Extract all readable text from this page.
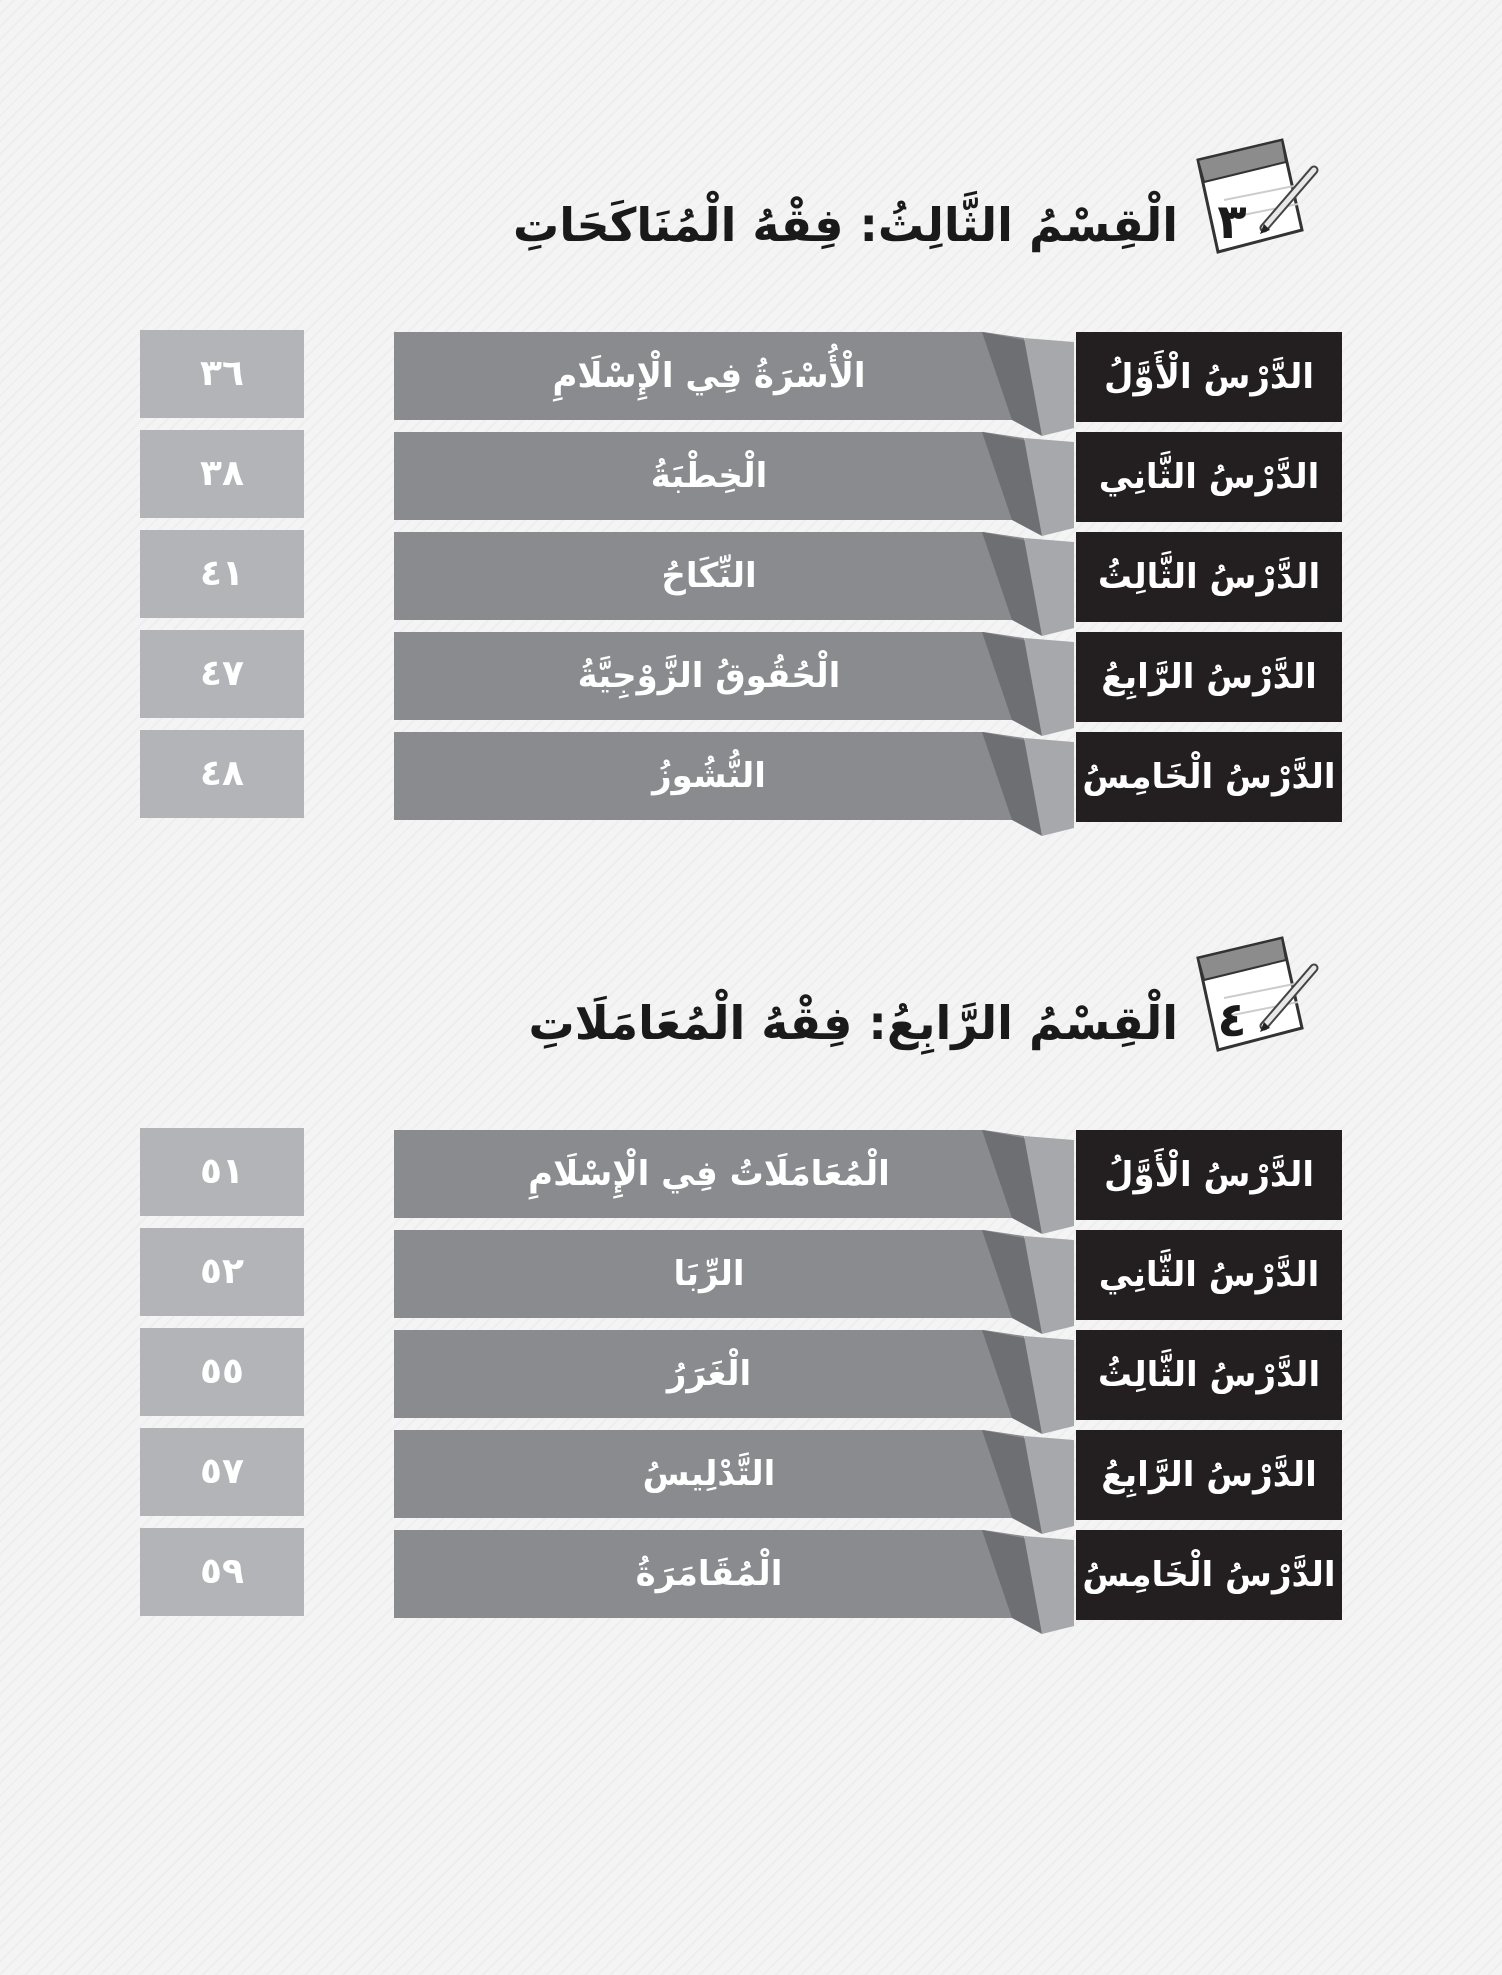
٣
الْقِسْمُ الثَّالِثُ: فِقْهُ الْمُنَاكَحَاتِ
٣٦	الْأُسْرَةُ فِي الْإِسْلَامِ	الدَّرْسُ الْأَوَّلُ
٣٨	الْخِطْبَةُ	الدَّرْسُ الثَّانِي
٤١	النِّكَاحُ	الدَّرْسُ الثَّالِثُ
٤٧	الْحُقُوقُ الزَّوْجِيَّةُ	الدَّرْسُ الرَّابِعُ
٤٨	النُّشُوزُ	الدَّرْسُ الْخَامِسُ
٤
الْقِسْمُ الرَّابِعُ: فِقْهُ الْمُعَامَلَاتِ
٥١	الْمُعَامَلَاتُ فِي الْإِسْلَامِ	الدَّرْسُ الْأَوَّلُ
٥٢	الرِّبَا	الدَّرْسُ الثَّانِي
٥٥	الْغَرَرُ	الدَّرْسُ الثَّالِثُ
٥٧	التَّدْلِيسُ	الدَّرْسُ الرَّابِعُ
٥٩	الْمُقَامَرَةُ	الدَّرْسُ الْخَامِسُ
